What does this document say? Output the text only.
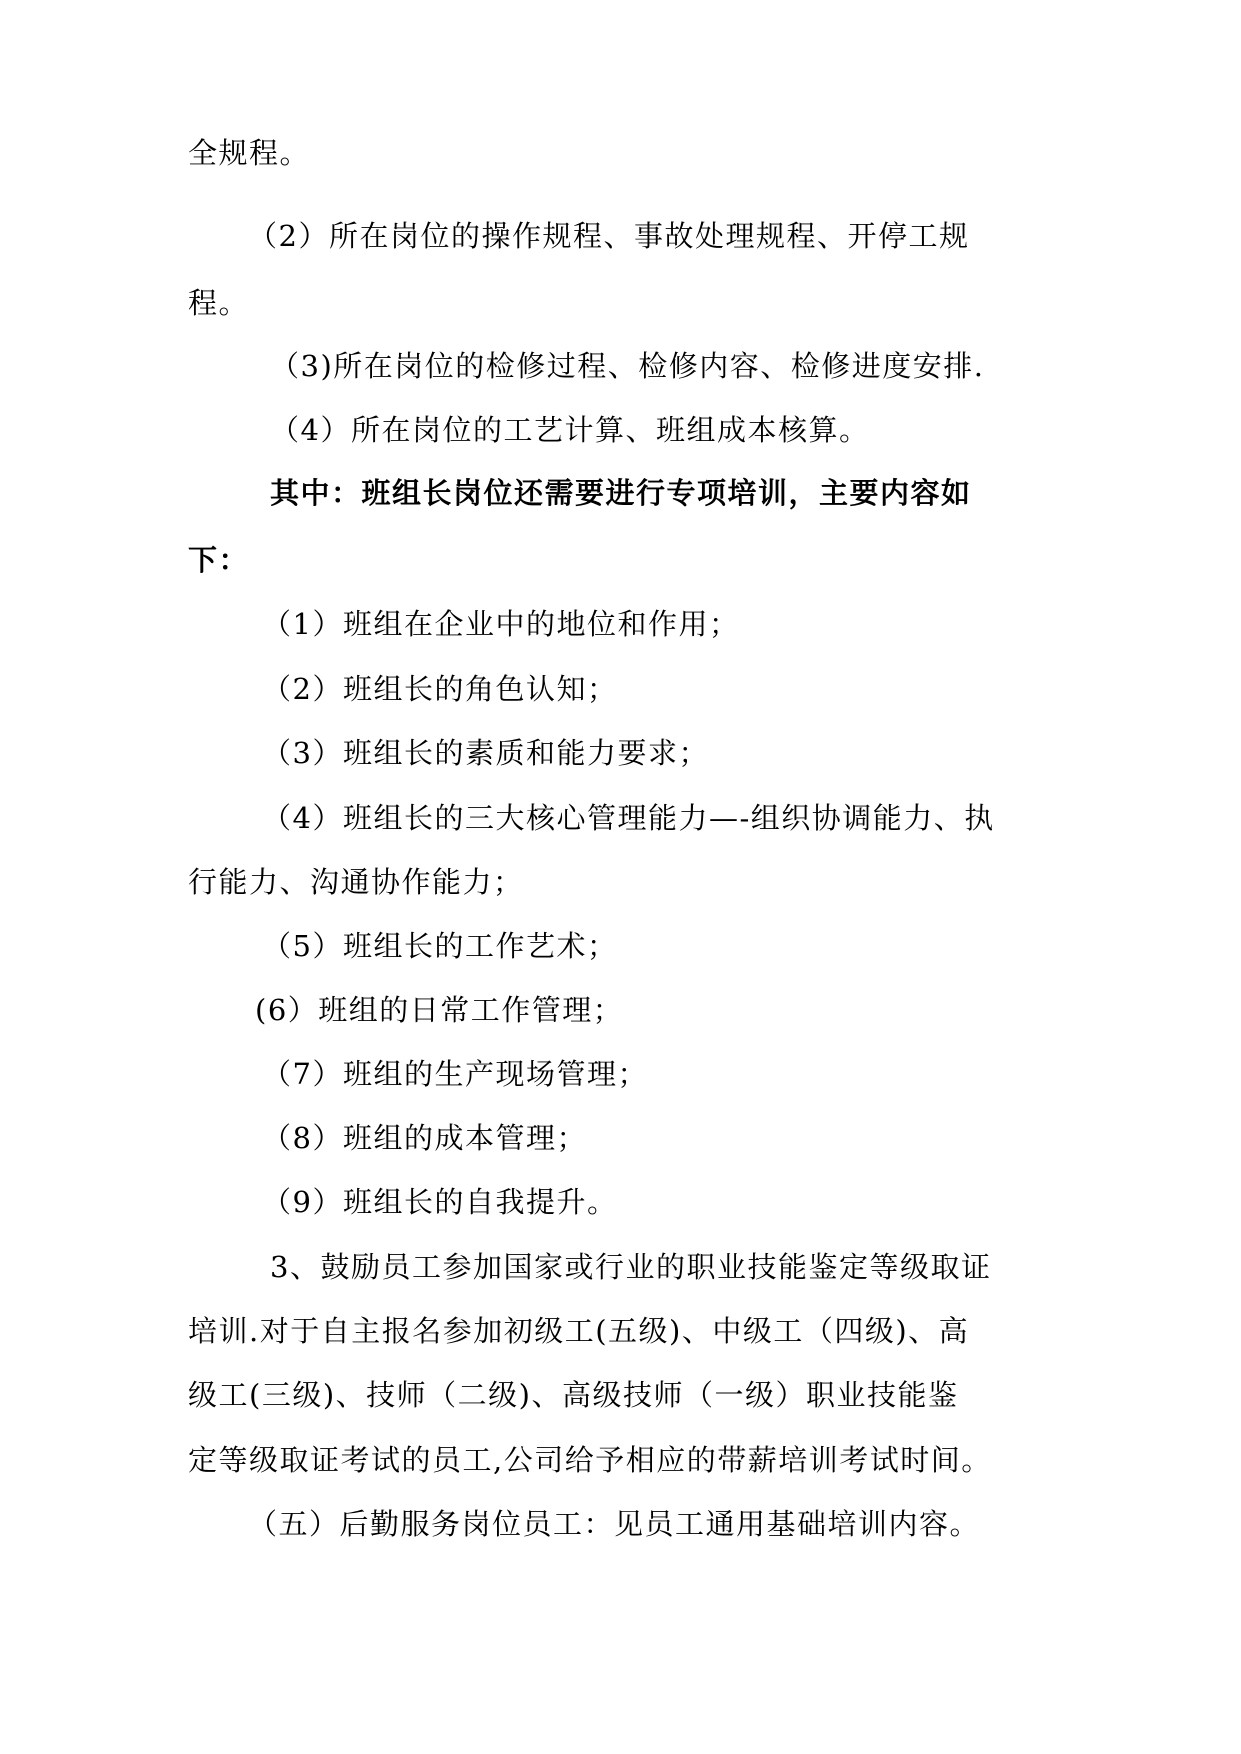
全规程。
（2）所在岗位的操作规程、事故处理规程、开停工规
程。
（3)所在岗位的检修过程、检修内容、检修进度安排.
（4）所在岗位的工艺计算、班组成本核算。
其中：班组长岗位还需要进行专项培训，主要内容如
下：
（1）班组在企业中的地位和作用；
（2）班组长的角色认知；
（3）班组长的素质和能力要求；
（4）班组长的三大核心管理能力—-组织协调能力、执
行能力、沟通协作能力；
（5）班组长的工作艺术；
(6）班组的日常工作管理；
（7）班组的生产现场管理；
（8）班组的成本管理；
（9）班组长的自我提升。
3、鼓励员工参加国家或行业的职业技能鉴定等级取证
培训.对于自主报名参加初级工(五级)、中级工（四级)、高
级工(三级)、技师（二级)、高级技师（一级）职业技能鉴
定等级取证考试的员工,公司给予相应的带薪培训考试时间。
（五）后勤服务岗位员工：见员工通用基础培训内容。
